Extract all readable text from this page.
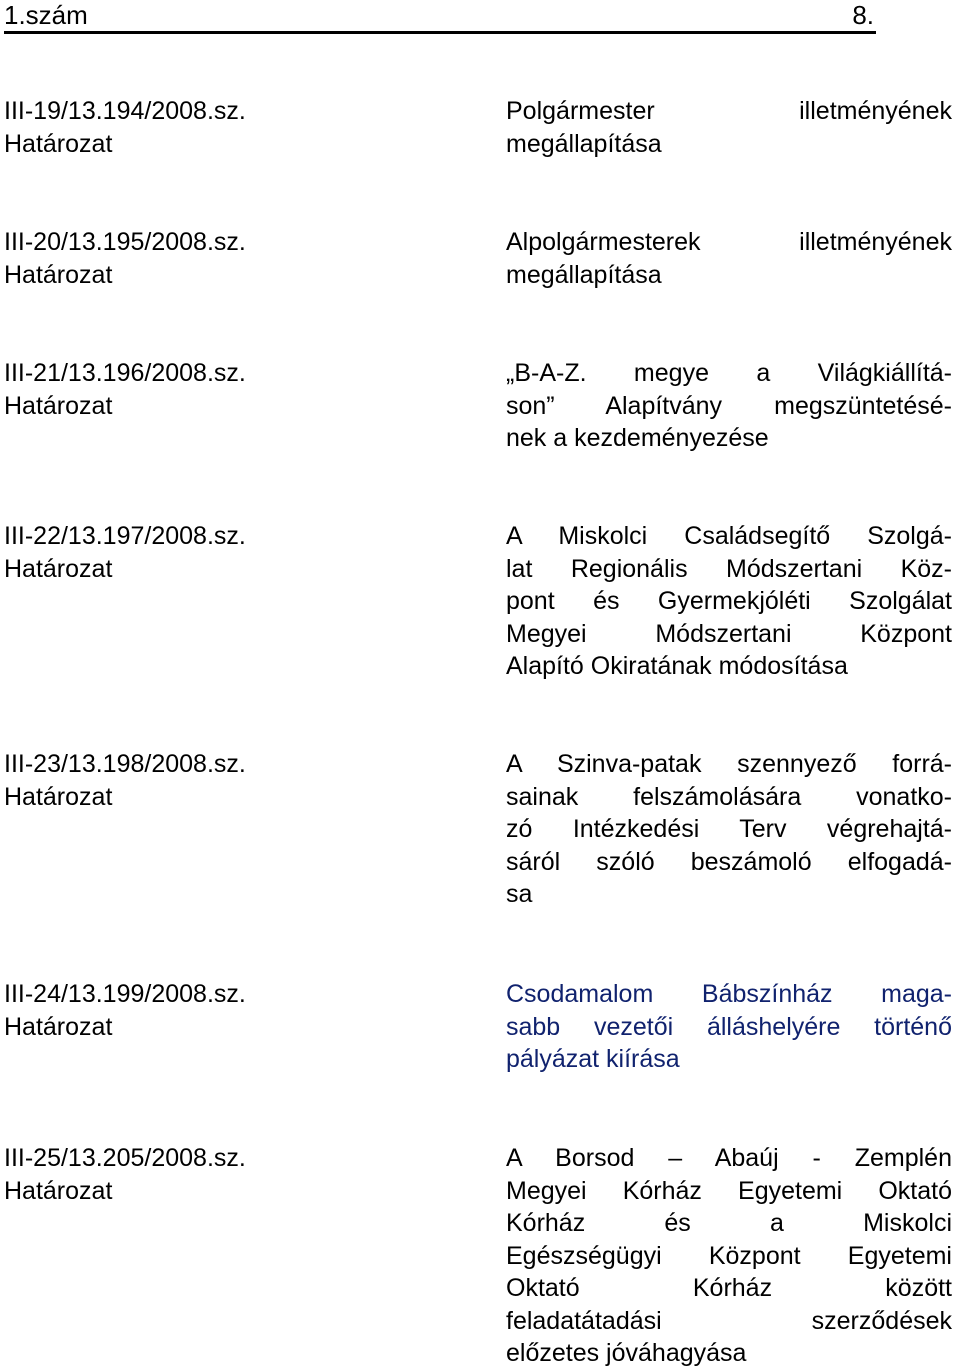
1.szám	8.
III-19/13.194/2008.sz.
Határozat
Polgármester illetményének
megállapítása
III-20/13.195/2008.sz.
Határozat
Alpolgármesterek illetményének
megállapítása
III-21/13.196/2008.sz.
Határozat
„B-A-Z. megye a Világkiállítá-
son” Alapítvány megszüntetésé-
nek a kezdeményezése
III-22/13.197/2008.sz.
Határozat
A Miskolci Családsegítő Szolgá-
lat Regionális Módszertani Köz-
pont és Gyermekjóléti Szolgálat
Megyei Módszertani Központ
Alapító Okiratának módosítása
III-23/13.198/2008.sz.
Határozat
A Szinva-patak szennyező forrá-
sainak felszámolására vonatko-
zó Intézkedési Terv végrehajtá-
sáról szóló beszámoló elfogadá-
sa
III-24/13.199/2008.sz.
Határozat
Csodamalom Bábszínház maga-
sabb vezetői álláshelyére történő
pályázat kiírása
III-25/13.205/2008.sz.
Határozat
A Borsod – Abaúj - Zemplén
Megyei Kórház Egyetemi Oktató
Kórház és a Miskolci
Egészségügyi Központ Egyetemi
Oktató Kórház között
feladatátadási szerződések
előzetes jóváhagyása
